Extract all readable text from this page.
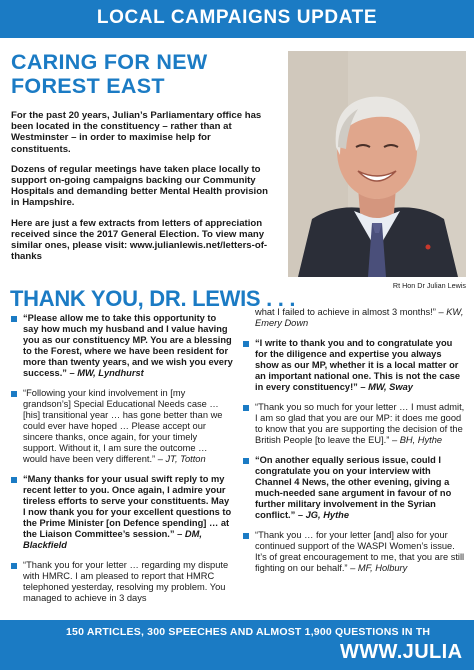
LOCAL CAMPAIGNS UPDATE
CARING FOR NEW FOREST EAST

For the past 20 years, Julian’s Parliamentary office has been located in the constituency – rather than at Westminster – in order to maximise help for constituents.

Dozens of regular meetings have taken place locally to support on-going campaigns backing our Community Hospitals and demanding better Mental Health provision in Hampshire.

Here are just a few extracts from letters of appreciation received since the 2017 General Election. To view many similar ones, please visit: www.julianlewis.net/letters-of-thanks

Rt Hon Dr Julian Lewis
THANK YOU, DR. LEWIS . . .
“Please allow me to take this opportunity to say how much my husband and I value having you as our constituency MP. You are a blessing to the Forest, where we have been resident for more than twenty years, and we wish you every success.” – MW, Lyndhurst
“Following your kind involvement in [my grandson’s] Special Educational Needs case … [his] transitional year … has gone better than we could ever have hoped … Please accept our sincere thanks, once again, for your timely support. Without it, I am sure the outcome … would have been very different.” – JT, Totton
“Many thanks for your usual swift reply to my recent letter to you. Once again, I admire your tireless efforts to serve your constituents. May I now thank you for your excellent questions to the Prime Minister [on Defence spending] … at the Liaison Committee’s session.” – DM, Blackfield
“Thank you for your letter … regarding my dispute with HMRC. I am pleased to report that HMRC telephoned yesterday, resolving my problem. You managed to achieve in 3 days
what I failed to achieve in almost 3 months!” – KW, Emery Down
“I write to thank you and to congratulate you for the diligence and expertise you always show as our MP, whether it is a local matter or an important national one. This is not the case in every constituency!” – MW, Sway
“Thank you so much for your letter … I must admit, I am so glad that you are our MP: it does me good to know that you are supporting the decision of the British People [to leave the EU].” – BH, Hythe
“On another equally serious issue, could I congratulate you on your interview with Channel 4 News, the other evening, giving a much-needed sane argument in favour of no further military involvement in the Syrian conflict.” – JG, Hythe
“Thank you … for your letter [and] also for your continued support of the WASPI Women’s issue. It’s of great encouragement to me, that you are still fighting on our behalf.” – MF, Holbury
150 ARTICLES, 300 SPEECHES AND ALMOST 1,900 QUESTIONS IN TH
WWW.JULIA
